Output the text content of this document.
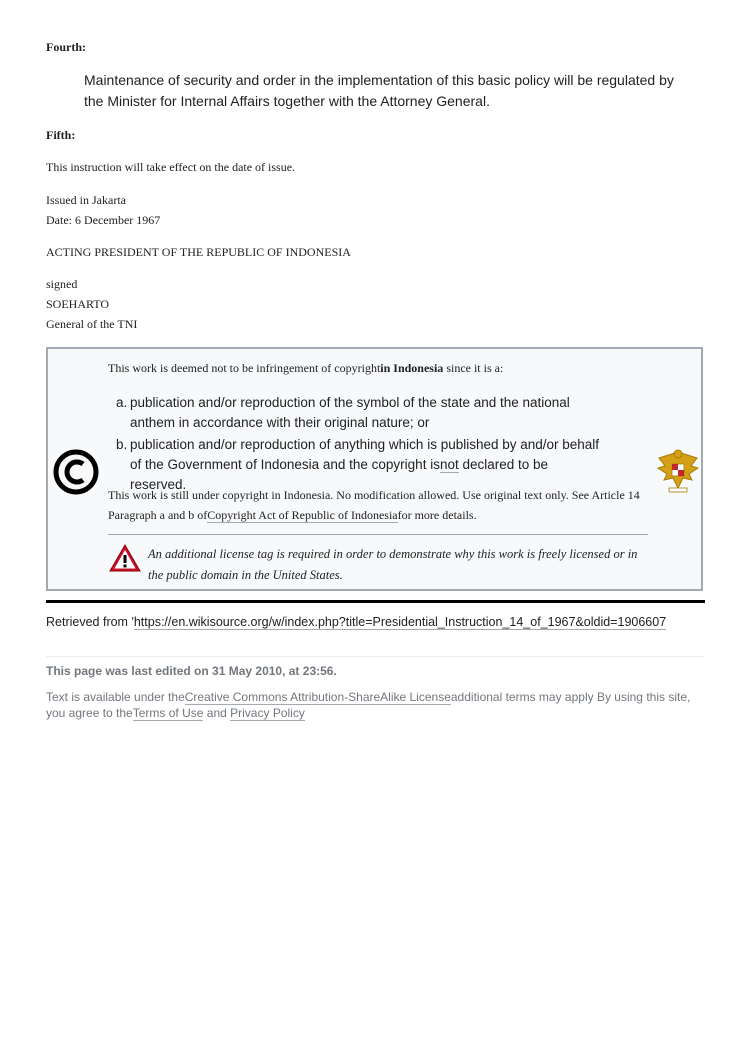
Fourth:
Maintenance of security and order in the implementation of this basic policy will be regulated by the Minister for Internal Affairs together with the Attorney General.
Fifth:
This instruction will take effect on the date of issue.
Issued in Jakarta
Date: 6 December 1967
ACTING PRESIDENT OF THE REPUBLIC OF INDONESIA
signed
SOEHARTO
General of the TNI
This work is deemed not to be infringement of copyrightin Indonesia since it is a:
a. publication and/or reproduction of the symbol of the state and the national anthem in accordance with their original nature; or
b. publication and/or reproduction of anything which is published by and/or behalf of the Government of Indonesia and the copyright isnot declared to be reserved.
This work is still under copyright in Indonesia. No modification allowed. Use original text only. See Article 14 Paragraph a and b ofCopyright Act of Republic of Indonesiafor more details.
An additional license tag is required in order to demonstrate why this work is freely licensed or in the public domain in the United States.
Retrieved from 'https://en.wikisource.org/w/index.php?title=Presidential_Instruction_14_of_1967&oldid=1906607
This page was last edited on 31 May 2010, at 23:56.
Text is available under theCreative Commons Attribution-ShareAlike Licenseadditional terms may apply By using this site, you agree to theTerms of Use and Privacy Policy
